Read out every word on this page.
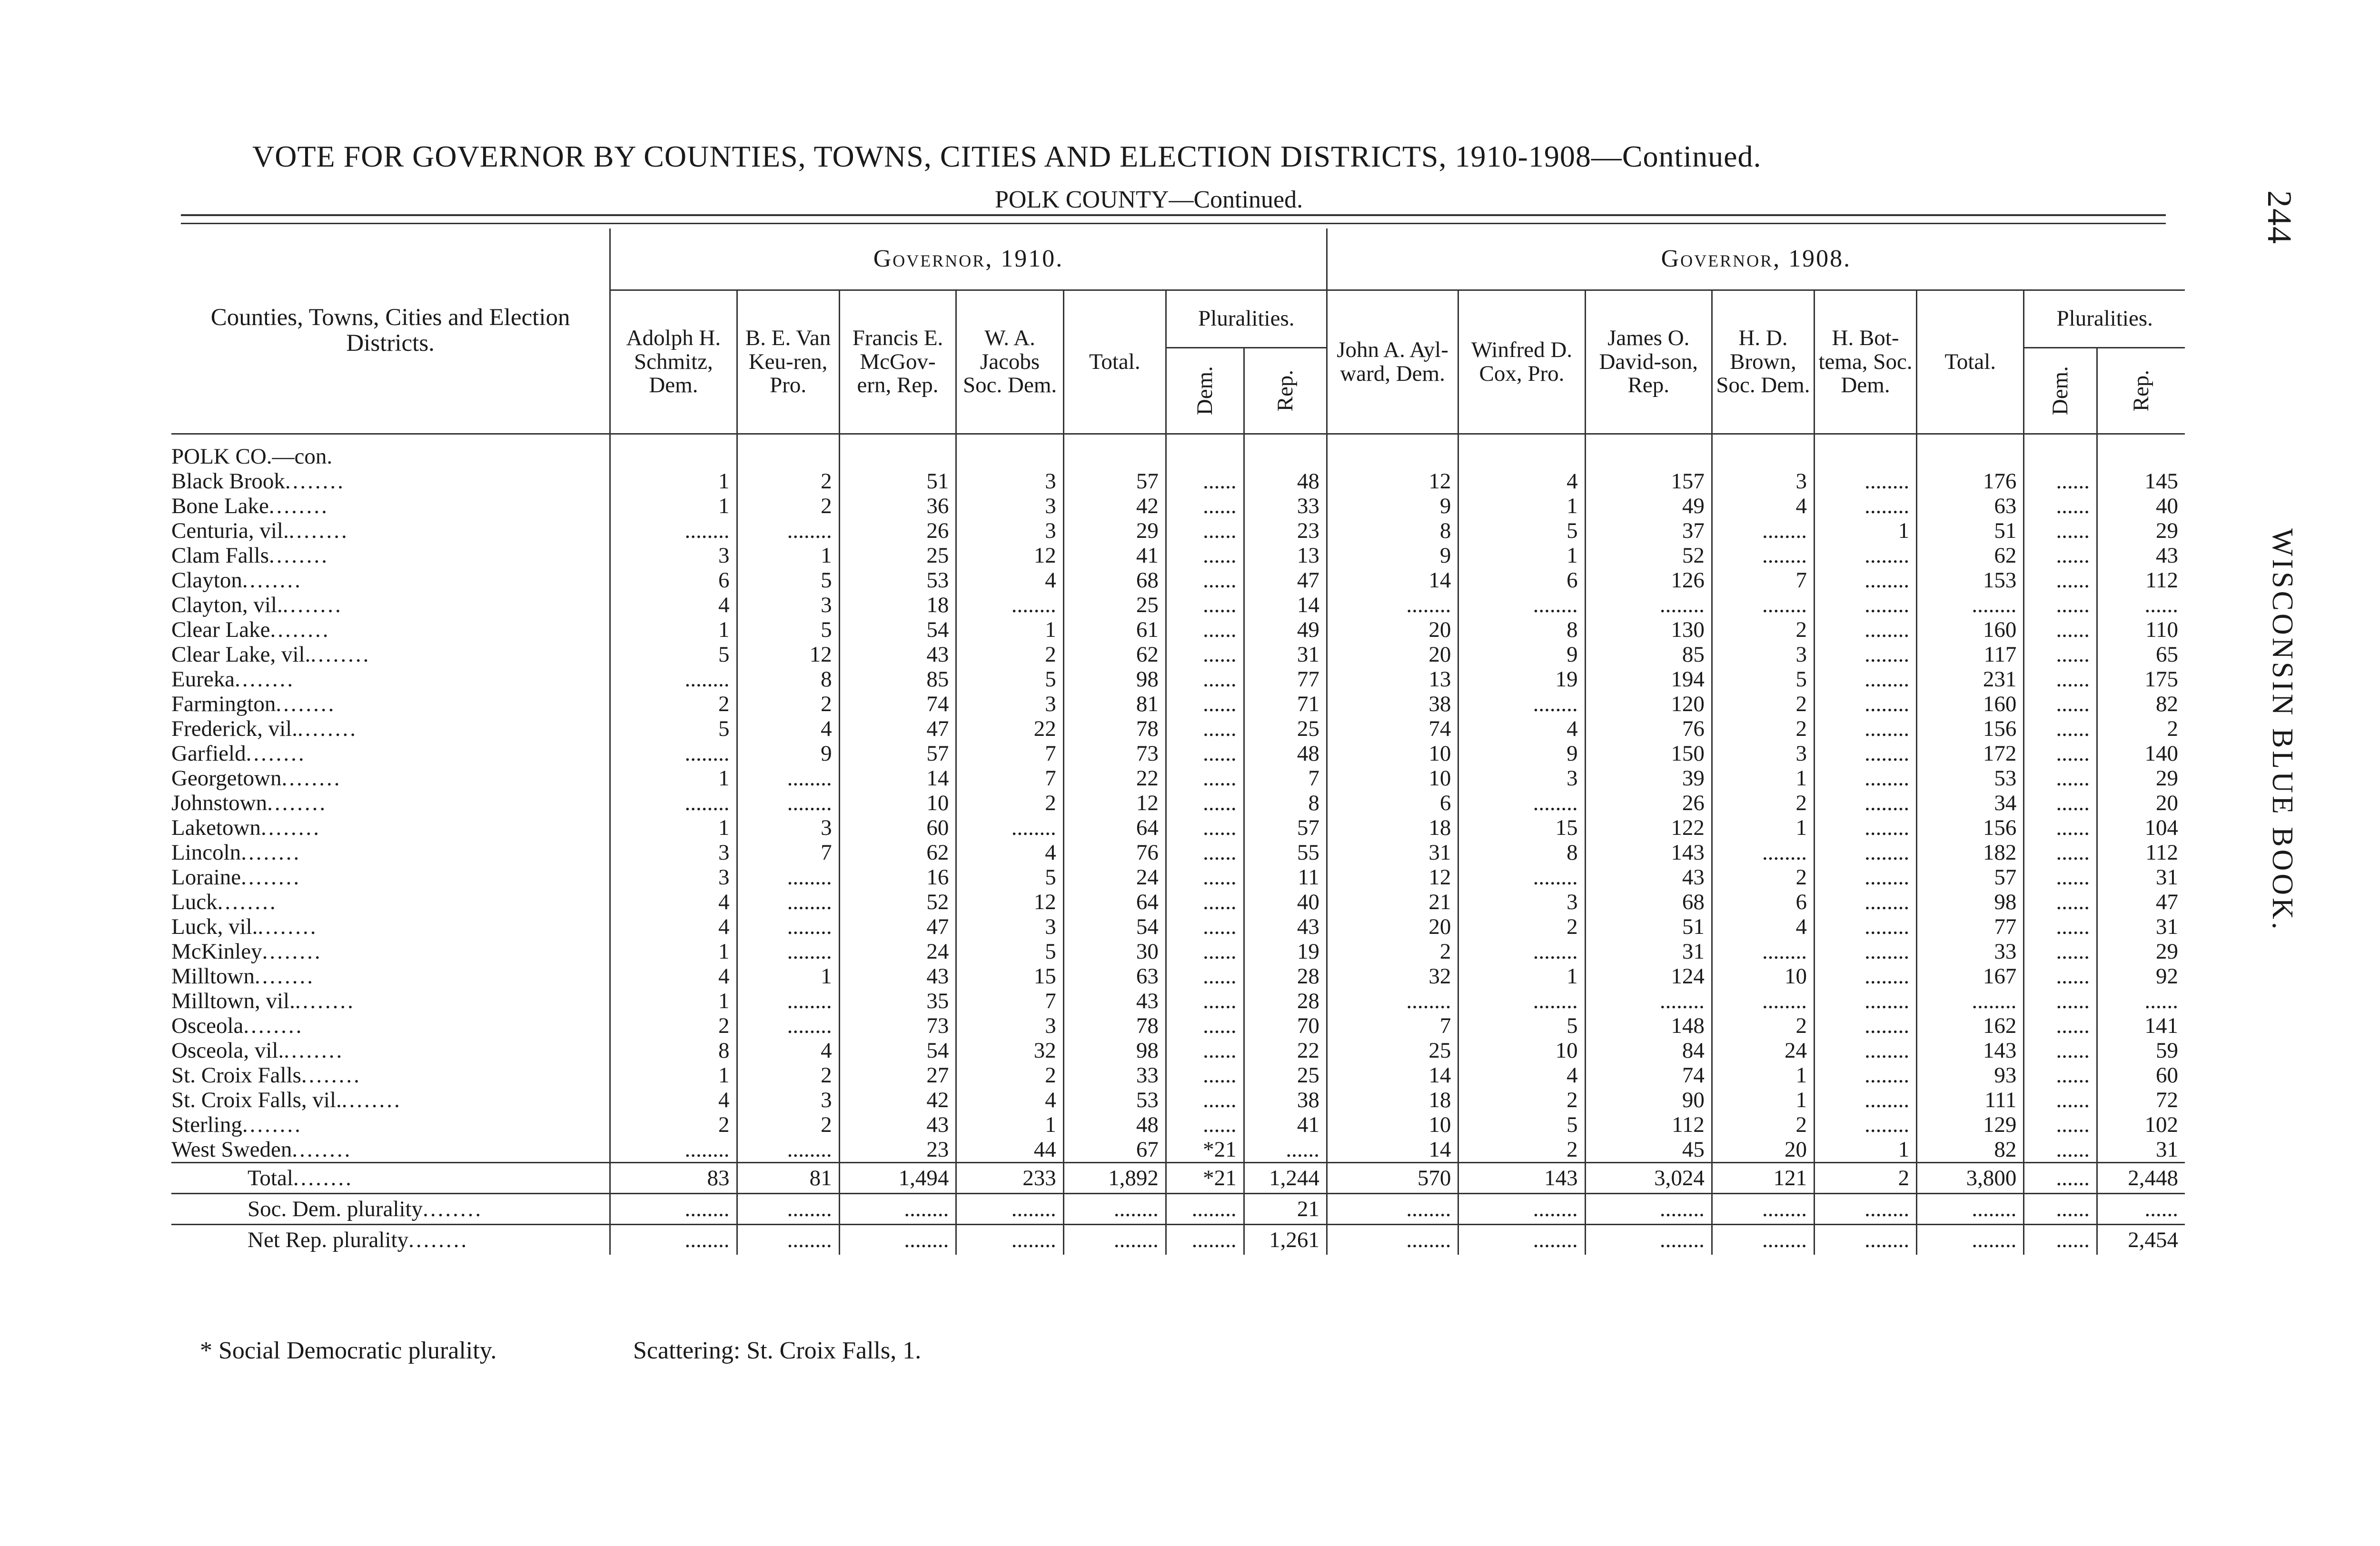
VOTE FOR GOVERNOR BY COUNTIES, TOWNS, CITIES AND ELECTION DISTRICTS, 1910-1908—Continued.
POLK COUNTY—Continued.	244
WISCONSIN BLUE BOOK.
Counties, Towns, Cities and Election Districts.	Governor, 1910.							Governor, 1908.							
	Adolph H. Schmitz, Dem.	B. E. Van Keu-ren, Pro.	Francis E. McGov-ern, Rep.	W. A. Jacobs Soc. Dem.	Total.	Pluralities.		John A. Ayl-ward, Dem.	Winfred D. Cox, Pro.	James O. David-son, Rep.	H. D. Brown, Soc. Dem.	H. Bot-tema, Soc. Dem.	Total.	Pluralities.	
						Dem.	Rep.							Dem.	Rep.
POLK CO.—con.															
Black Brook........	1	2	51	3	57	......	48	12	4	157	3	........	176	......	145
Bone Lake........	1	2	36	3	42	......	33	9	1	49	4	........	63	......	40
Centuria, vil.........	........	........	26	3	29	......	23	8	5	37	........	1	51	......	29
Clam Falls........	3	1	25	12	41	......	13	9	1	52	........	........	62	......	43
Clayton........	6	5	53	4	68	......	47	14	6	126	7	........	153	......	112
Clayton, vil.........	4	3	18	........	25	......	14	........	........	........	........	........	........	......	......
Clear Lake........	1	5	54	1	61	......	49	20	8	130	2	........	160	......	110
Clear Lake, vil.........	5	12	43	2	62	......	31	20	9	85	3	........	117	......	65
Eureka........	........	8	85	5	98	......	77	13	19	194	5	........	231	......	175
Farmington........	2	2	74	3	81	......	71	38	........	120	2	........	160	......	82
Frederick, vil.........	5	4	47	22	78	......	25	74	4	76	2	........	156	......	2
Garfield........	........	9	57	7	73	......	48	10	9	150	3	........	172	......	140
Georgetown........	1	........	14	7	22	......	7	10	3	39	1	........	53	......	29
Johnstown........	........	........	10	2	12	......	8	6	........	26	2	........	34	......	20
Laketown........	1	3	60	........	64	......	57	18	15	122	1	........	156	......	104
Lincoln........	3	7	62	4	76	......	55	31	8	143	........	........	182	......	112
Loraine........	3	........	16	5	24	......	11	12	........	43	2	........	57	......	31
Luck........	4	........	52	12	64	......	40	21	3	68	6	........	98	......	47
Luck, vil.........	4	........	47	3	54	......	43	20	2	51	4	........	77	......	31
McKinley........	1	........	24	5	30	......	19	2	........	31	........	........	33	......	29
Milltown........	4	1	43	15	63	......	28	32	1	124	10	........	167	......	92
Milltown, vil.........	1	........	35	7	43	......	28	........	........	........	........	........	........	......	......
Osceola........	2	........	73	3	78	......	70	7	5	148	2	........	162	......	141
Osceola, vil.........	8	4	54	32	98	......	22	25	10	84	24	........	143	......	59
St. Croix Falls........	1	2	27	2	33	......	25	14	4	74	1	........	93	......	60
St. Croix Falls, vil.........	4	3	42	4	53	......	38	18	2	90	1	........	111	......	72
Sterling........	2	2	43	1	48	......	41	10	5	112	2	........	129	......	102
West Sweden........	........	........	23	44	67	*21	......	14	2	45	20	1	82	......	31
Total........	83	81	1,494	233	1,892	*21	1,244	570	143	3,024	121	2	3,800	......	2,448
Soc. Dem. plurality........	........	........	........	........	........	........	21	........	........	........	........	........	........	......	......
Net Rep. plurality........	........	........	........	........	........	........	1,261	........	........	........	........	........	........	......	2,454
* Social Democratic plurality.	Scattering: St. Croix Falls, 1.
